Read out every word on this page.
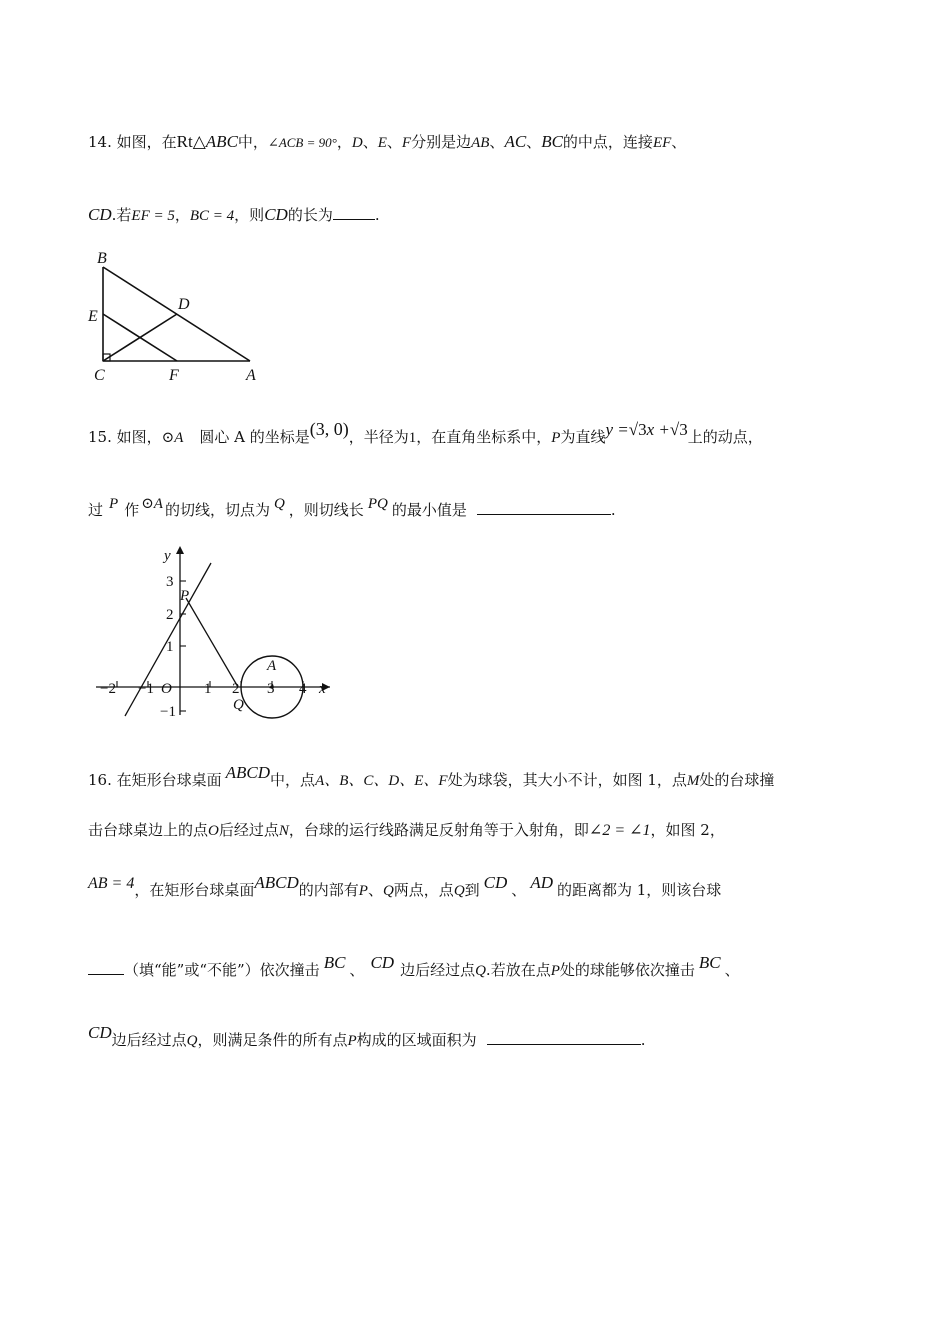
14. 如图，在Rt△ABC中，∠ACB = 90°，D、E、F分别是边AB、AC、BC的中点，连接EF、
CD.若EF = 5，BC = 4，则CD的长为	.
B
D
E
C	F	A
15. 如图，⊙A 圆心 A 的坐标是(3, 0)，半径为1，在直角坐标系中，P为直线y =√3x +√3上的动点，
过 P 作 ⊙A 的切线，切点为 Q ，则切线长 PQ 的最小值是	.
y
x
O
P
Q
A
−2 −1	1 2 3 4
3
2
1
−1
16. 在矩形台球桌面 ABCD中，点A、B、C、D、E、F处为球袋，其大小不计，如图 1，点M处的台球撞
击台球桌边上的点O后经过点N，台球的运行线路满足反射角等于入射角，即∠2 = ∠1，如图 2，
AB = 4，在矩形台球桌面ABCD的内部有P、Q两点，点Q到 CD 、 AD 的距离都为 1，则该台球
（填“能”或“不能”）依次撞击 BC 、 CD 边后经过点Q.若放在点P处的球能够依次撞击 BC 、
CD边后经过点Q，则满足条件的所有点P构成的区域面积为	.
